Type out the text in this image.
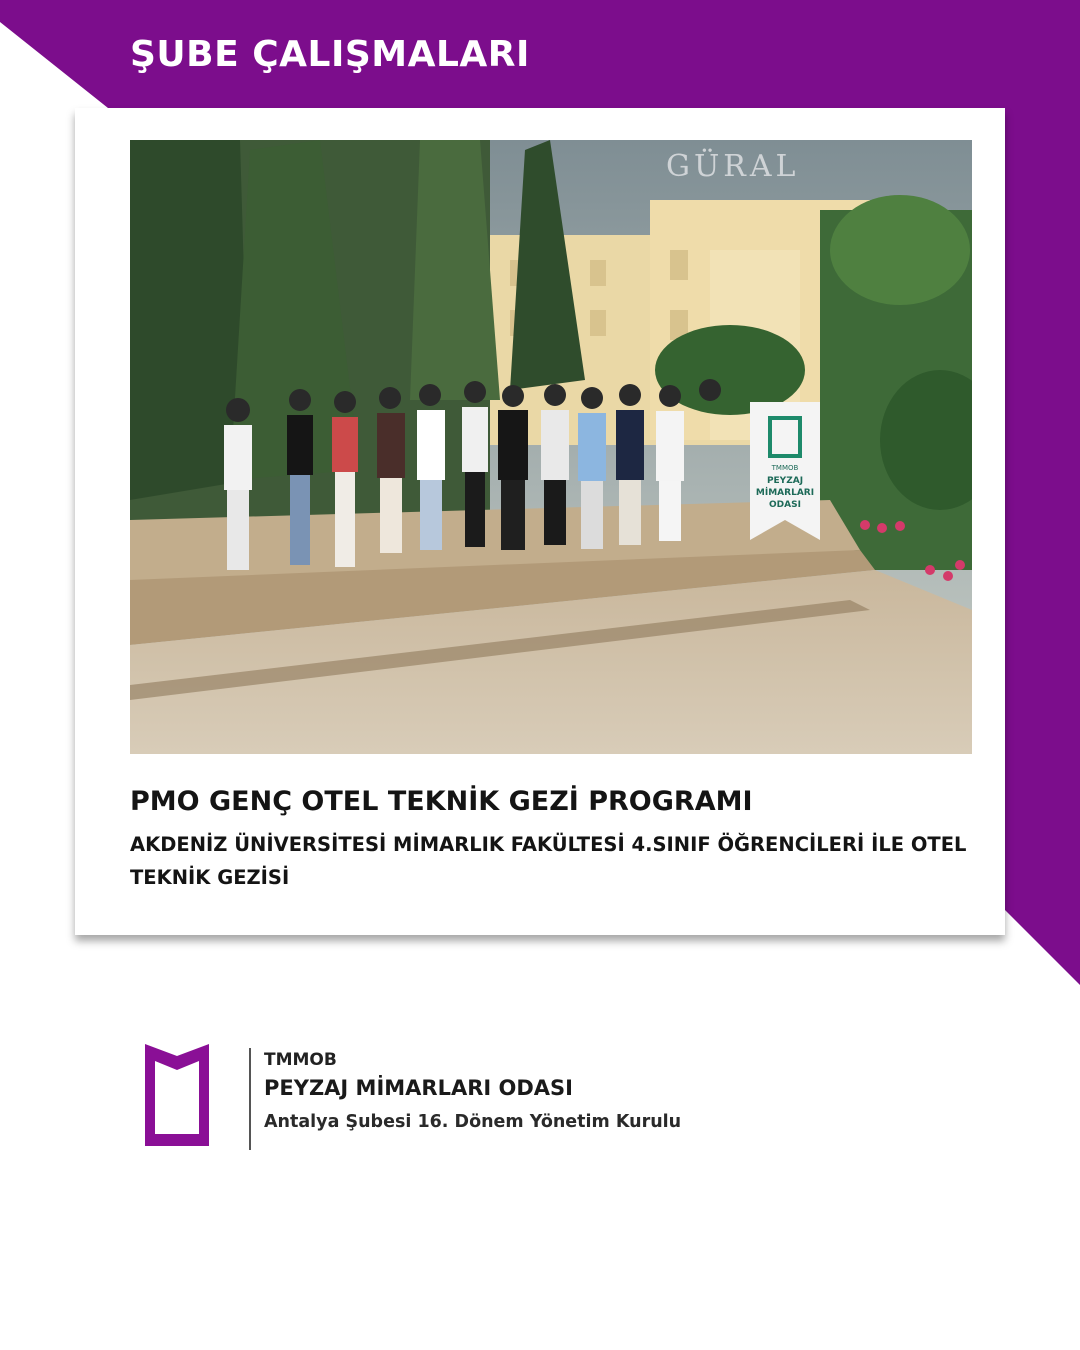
ŞUBE ÇALIŞMALARI
GÜRAL
TMMOB
PEYZAJ
MİMARLARI
ODASI
PMO GENÇ OTEL TEKNİK GEZİ PROGRAMI

AKDENİZ ÜNİVERSİTESİ MİMARLIK FAKÜLTESİ 4.SINIF ÖĞRENCİLERİ İLE OTEL TEKNİK GEZİSİ

TMMOB
PEYZAJ MİMARLARI ODASI
Antalya Şubesi 16. Dönem Yönetim Kurulu
